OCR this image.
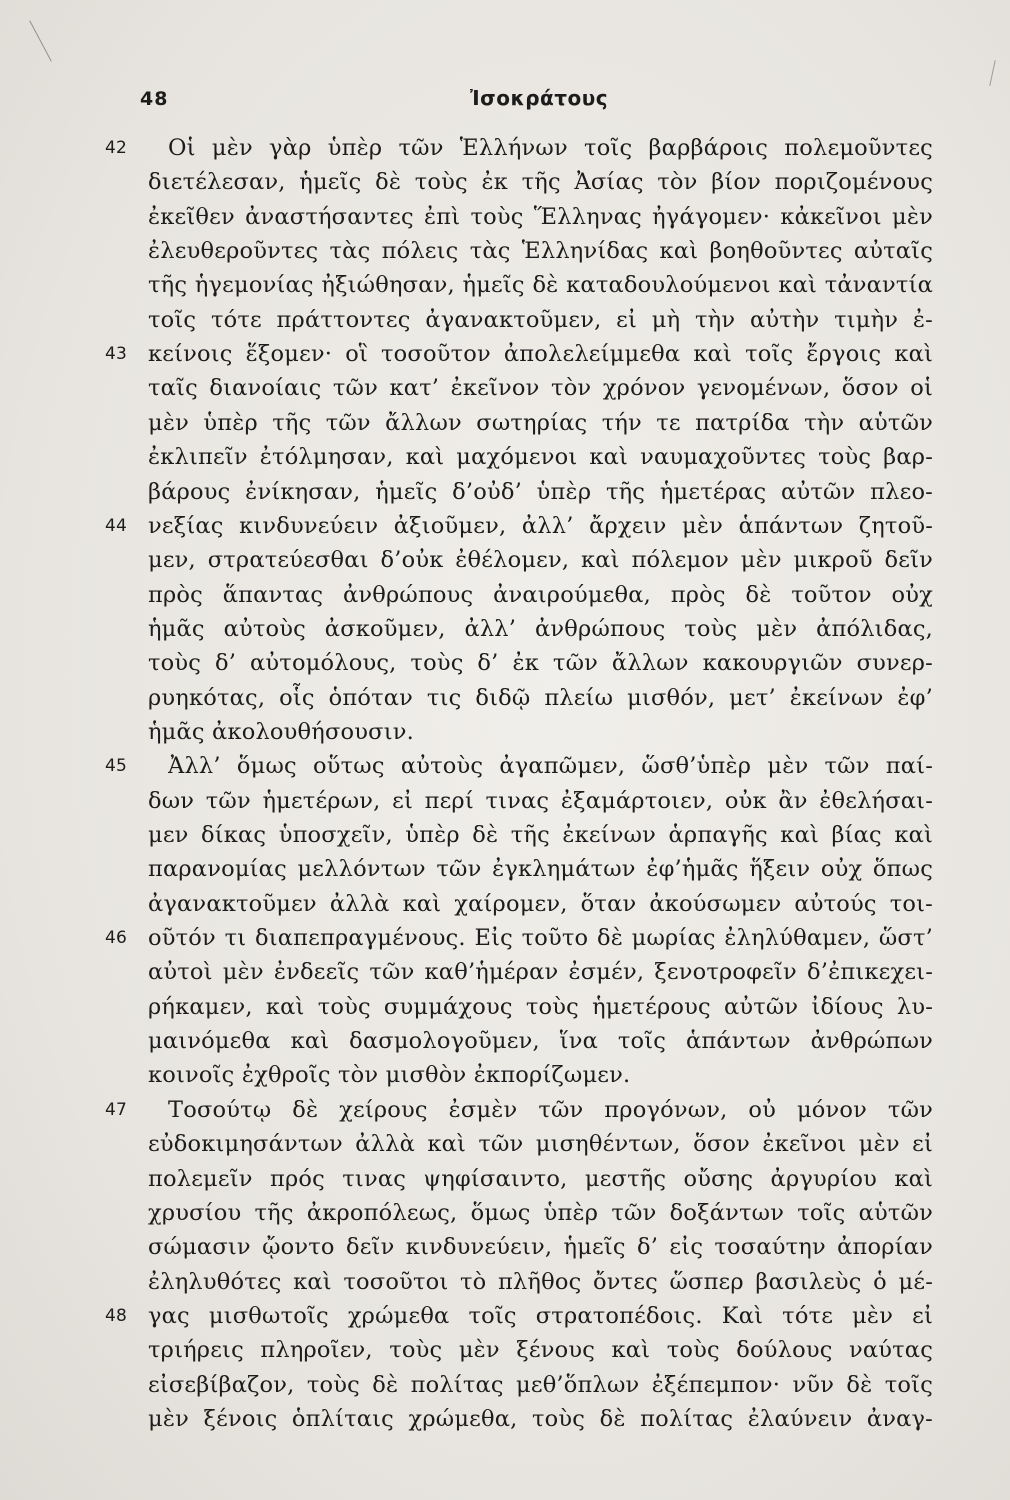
48	Ἰσοκράτους
42 Οἱ μὲν γὰρ ὑπὲρ τῶν Ἑλλήνων τοῖς βαρβάροις πολεμοῦντες
διετέλεσαν, ἡμεῖς δὲ τοὺς ἐκ τῆς Ἀσίας τὸν βίον ποριζομένους
ἐκεῖθεν ἀναστήσαντες ἐπὶ τοὺς Ἕλληνας ἠγάγομεν· κἀκεῖνοι μὲν
ἐλευθεροῦντες τὰς πόλεις τὰς Ἑλληνίδας καὶ βοηθοῦντες αὐταῖς
τῆς ἡγεμονίας ἠξιώθησαν, ἡμεῖς δὲ καταδουλούμενοι καὶ τἀναντία
τοῖς τότε πράττοντες ἀγανακτοῦμεν, εἰ μὴ τὴν αὐτὴν τιμὴν ἐ-
43 κείνοις ἕξομεν· οἳ τοσοῦτον ἀπολελείμμεθα καὶ τοῖς ἔργοις καὶ
ταῖς διανοίαις τῶν κατ’ ἐκεῖνον τὸν χρόνον γενομένων, ὅσον οἱ
μὲν ὑπὲρ τῆς τῶν ἄλλων σωτηρίας τήν τε πατρίδα τὴν αὑτῶν
ἐκλιπεῖν ἐτόλμησαν, καὶ μαχόμενοι καὶ ναυμαχοῦντες τοὺς βαρ-
βάρους ἐνίκησαν, ἡμεῖς δ’οὐδ’ ὑπὲρ τῆς ἡμετέρας αὐτῶν πλεο-
44 νεξίας κινδυνεύειν ἀξιοῦμεν, ἀλλ’ ἄρχειν μὲν ἁπάντων ζητοῦ-
μεν, στρατεύεσθαι δ’οὐκ ἐθέλομεν, καὶ πόλεμον μὲν μικροῦ δεῖν
πρὸς ἅπαντας ἀνθρώπους ἀναιρούμεθα, πρὸς δὲ τοῦτον οὐχ
ἡμᾶς αὐτοὺς ἀσκοῦμεν, ἀλλ’ ἀνθρώπους τοὺς μὲν ἀπόλιδας,
τοὺς δ’ αὐτομόλους, τοὺς δ’ ἐκ τῶν ἄλλων κακουργιῶν συνερ-
ρυηκότας, οἷς ὁπόταν τις διδῷ πλείω μισθόν, μετ’ ἐκείνων ἐφ’
ἡμᾶς ἀκολουθήσουσιν.
45 Ἀλλ’ ὅμως οὕτως αὐτοὺς ἀγαπῶμεν, ὥσθ’ὑπὲρ μὲν τῶν παί-
δων τῶν ἡμετέρων, εἰ περί τινας ἐξαμάρτοιεν, οὐκ ἂν ἐθελήσαι-
μεν δίκας ὑποσχεῖν, ὑπὲρ δὲ τῆς ἐκείνων ἁρπαγῆς καὶ βίας καὶ
παρανομίας μελλόντων τῶν ἐγκλημάτων ἐφ’ἡμᾶς ἥξειν οὐχ ὅπως
ἀγανακτοῦμεν ἀλλὰ καὶ χαίρομεν, ὅταν ἀκούσωμεν αὐτούς τοι-
46 οῦτόν τι διαπεπραγμένους. Εἰς τοῦτο δὲ μωρίας ἐληλύθαμεν, ὥστ’
αὐτοὶ μὲν ἐνδεεῖς τῶν καθ’ἡμέραν ἐσμέν, ξενοτροφεῖν δ’ἐπικεχει-
ρήκαμεν, καὶ τοὺς συμμάχους τοὺς ἡμετέρους αὐτῶν ἰδίους λυ-
μαινόμεθα καὶ δασμολογοῦμεν, ἵνα τοῖς ἁπάντων ἀνθρώπων
κοινοῖς ἐχθροῖς τὸν μισθὸν ἐκπορίζωμεν.
47 Τοσούτῳ δὲ χείρους ἐσμὲν τῶν προγόνων, οὐ μόνον τῶν
εὐδοκιμησάντων ἀλλὰ καὶ τῶν μισηθέντων, ὅσον ἐκεῖνοι μὲν εἰ
πολεμεῖν πρός τινας ψηφίσαιντο, μεστῆς οὔσης ἀργυρίου καὶ
χρυσίου τῆς ἀκροπόλεως, ὅμως ὑπὲρ τῶν δοξάντων τοῖς αὑτῶν
σώμασιν ᾤοντο δεῖν κινδυνεύειν, ἡμεῖς δ’ εἰς τοσαύτην ἀπορίαν
ἐληλυθότες καὶ τοσοῦτοι τὸ πλῆθος ὄντες ὥσπερ βασιλεὺς ὁ μέ-
48 γας μισθωτοῖς χρώμεθα τοῖς στρατοπέδοις. Καὶ τότε μὲν εἰ
τριήρεις πληροῖεν, τοὺς μὲν ξένους καὶ τοὺς δούλους ναύτας
εἰσεβίβαζον, τοὺς δὲ πολίτας μεθ’ὅπλων ἐξέπεμπον· νῦν δὲ τοῖς
μὲν ξένοις ὁπλίταις χρώμεθα, τοὺς δὲ πολίτας ἐλαύνειν ἀναγ-
